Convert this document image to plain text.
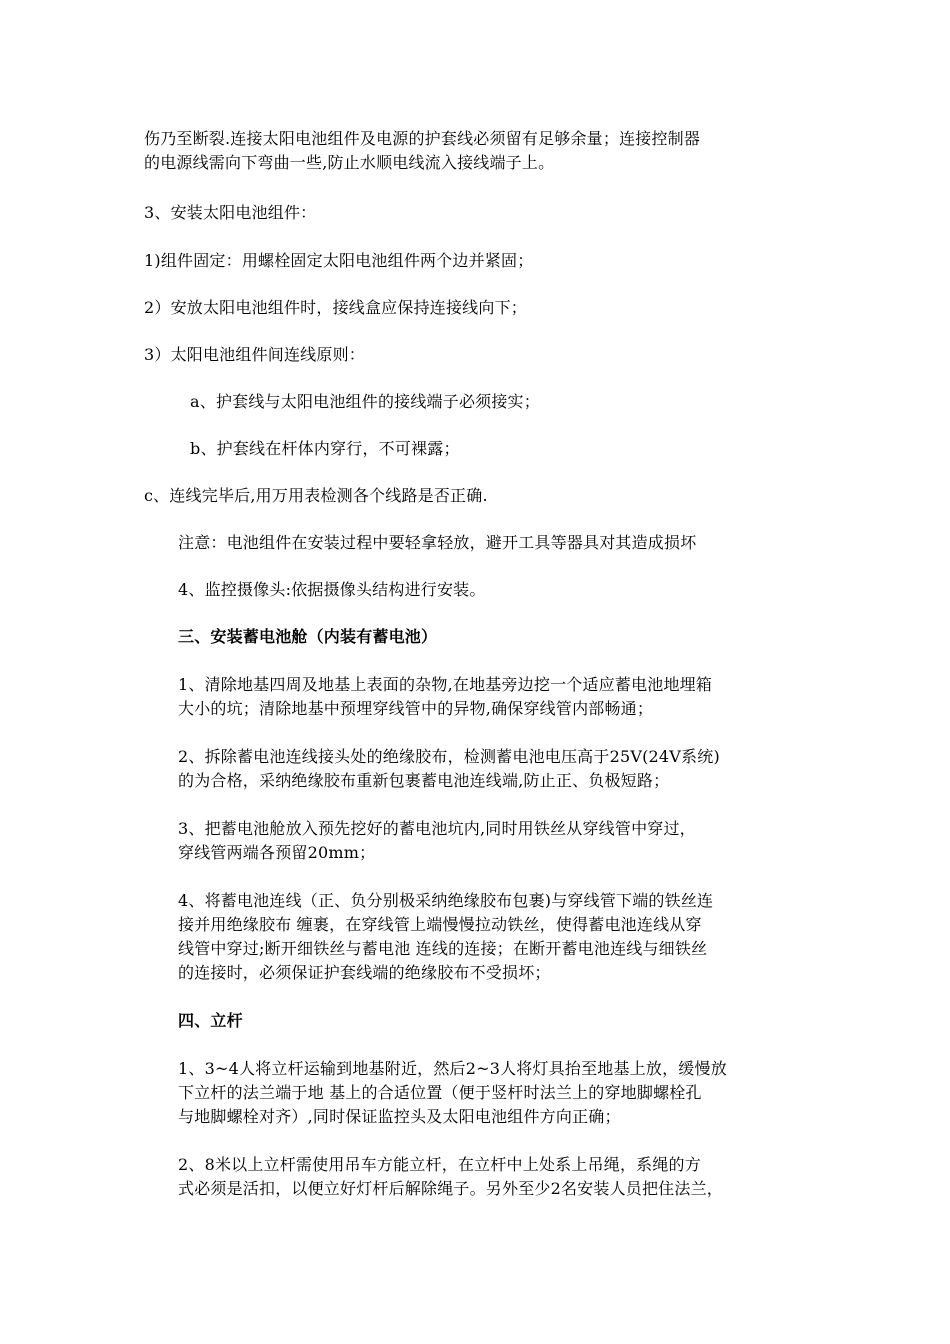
伤乃至断裂.连接太阳电池组件及电源的护套线必须留有足够余量；连接控制器
的电源线需向下弯曲一些,防止水顺电线流入接线端子上。
3、安装太阳电池组件：
1)组件固定：用螺栓固定太阳电池组件两个边并紧固；
2）安放太阳电池组件时，接线盒应保持连接线向下；
3）太阳电池组件间连线原则：
a、护套线与太阳电池组件的接线端子必须接实；
b、护套线在杆体内穿行，不可裸露；
c、连线完毕后,用万用表检测各个线路是否正确.
注意：电池组件在安装过程中要轻拿轻放，避开工具等器具对其造成损坏
4、监控摄像头:依据摄像头结构进行安装。
三、安装蓄电池舱（内装有蓄电池）
1、清除地基四周及地基上表面的杂物,在地基旁边挖一个适应蓄电池地埋箱
大小的坑；清除地基中预埋穿线管中的异物,确保穿线管内部畅通；
2、拆除蓄电池连线接头处的绝缘胶布，检测蓄电池电压高于25V(24V系统)
的为合格，采纳绝缘胶布重新包裹蓄电池连线端,防止正、负极短路；
3、把蓄电池舱放入预先挖好的蓄电池坑内,同时用铁丝从穿线管中穿过，
穿线管两端各预留20mm；
4、将蓄电池连线（正、负分别极采纳绝缘胶布包裹)与穿线管下端的铁丝连
接并用绝缘胶布 缠裹，在穿线管上端慢慢拉动铁丝，使得蓄电池连线从穿
线管中穿过;断开细铁丝与蓄电池 连线的连接；在断开蓄电池连线与细铁丝
的连接时，必须保证护套线端的绝缘胶布不受损坏；
四、立杆
1、3~4人将立杆运输到地基附近，然后2~3人将灯具抬至地基上放，缓慢放
下立杆的法兰端于地 基上的合适位置（便于竖杆时法兰上的穿地脚螺栓孔
与地脚螺栓对齐）,同时保证监控头及太阳电池组件方向正确；
2、8米以上立杆需使用吊车方能立杆，在立杆中上处系上吊绳，系绳的方
式必须是活扣，以便立好灯杆后解除绳子。另外至少2名安装人员把住法兰，
